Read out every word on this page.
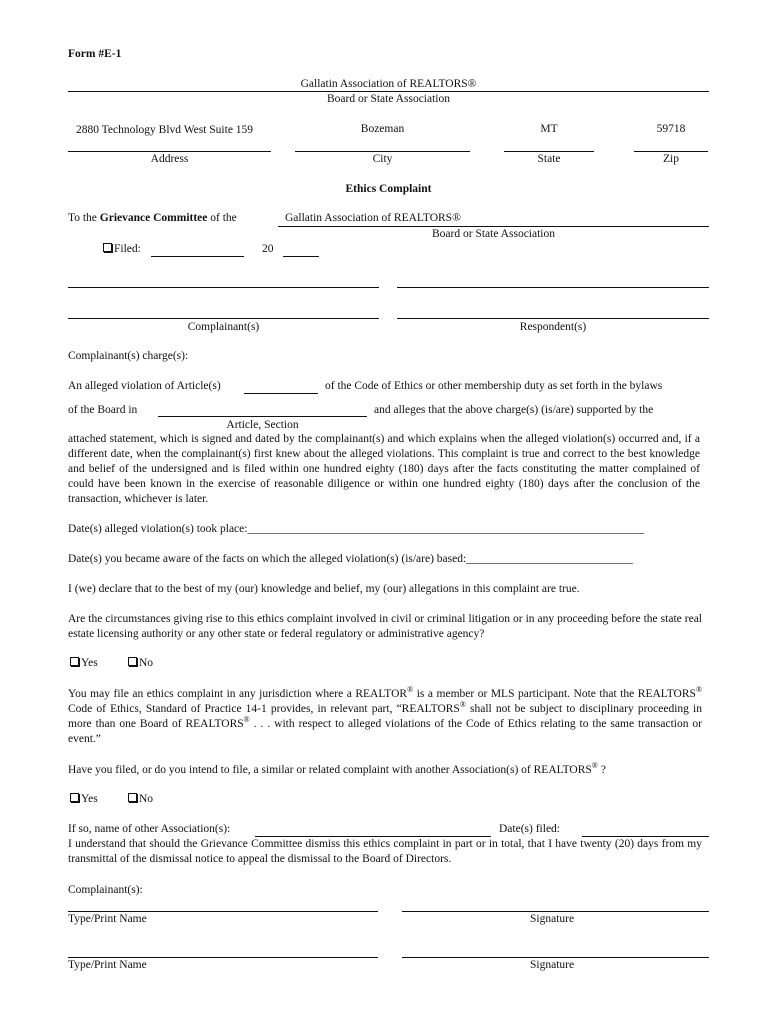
Form #E-1
Gallatin Association of REALTORS®
Board or State Association
2880 Technology Blvd West Suite 159
Address
Bozeman
City
MT
State
59718
Zip
Ethics Complaint
To the Grievance Committee of the	Gallatin Association of REALTORS®
Board or State Association
Filed:	20
Complainant(s)	Respondent(s)
Complainant(s) charge(s):
An alleged violation of Article(s)	of the Code of Ethics or other membership duty as set forth in the bylaws
of the Board in	and alleges that the above charge(s) (is/are) supported by the
Article, Section
attached statement, which is signed and dated by the complainant(s) and which explains when the alleged violation(s) occurred and, if a different date, when the complainant(s) first knew about the alleged violations. This complaint is true and correct to the best knowledge and belief of the undersigned and is filed within one hundred eighty (180) days after the facts constituting the matter complained of could have been known in the exercise of reasonable diligence or within one hundred eighty (180) days after the conclusion of the transaction, whichever is later.
Date(s) alleged violation(s) took place:_____________________________________________________________________
Date(s) you became aware of the facts on which the alleged violation(s) (is/are) based:_____________________________
I (we) declare that to the best of my (our) knowledge and belief, my (our) allegations in this complaint are true.
Are the circumstances giving rise to this ethics complaint involved in civil or criminal litigation or in any proceeding before the state real estate licensing authority or any other state or federal regulatory or administrative agency?
Yes	No
You may file an ethics complaint in any jurisdiction where a REALTOR® is a member or MLS participant. Note that the REALTORS® Code of Ethics, Standard of Practice 14-1 provides, in relevant part, “REALTORS® shall not be subject to disciplinary proceeding in more than one Board of REALTORS® . . . with respect to alleged violations of the Code of Ethics relating to the same transaction or event.”
Have you filed, or do you intend to file, a similar or related complaint with another Association(s) of REALTORS® ?
Yes	No
If so, name of other Association(s):	Date(s) filed:
I understand that should the Grievance Committee dismiss this ethics complaint in part or in total, that I have twenty (20) days from my transmittal of the dismissal notice to appeal the dismissal to the Board of Directors.
Complainant(s):
Type/Print Name	Signature
Type/Print Name	Signature
